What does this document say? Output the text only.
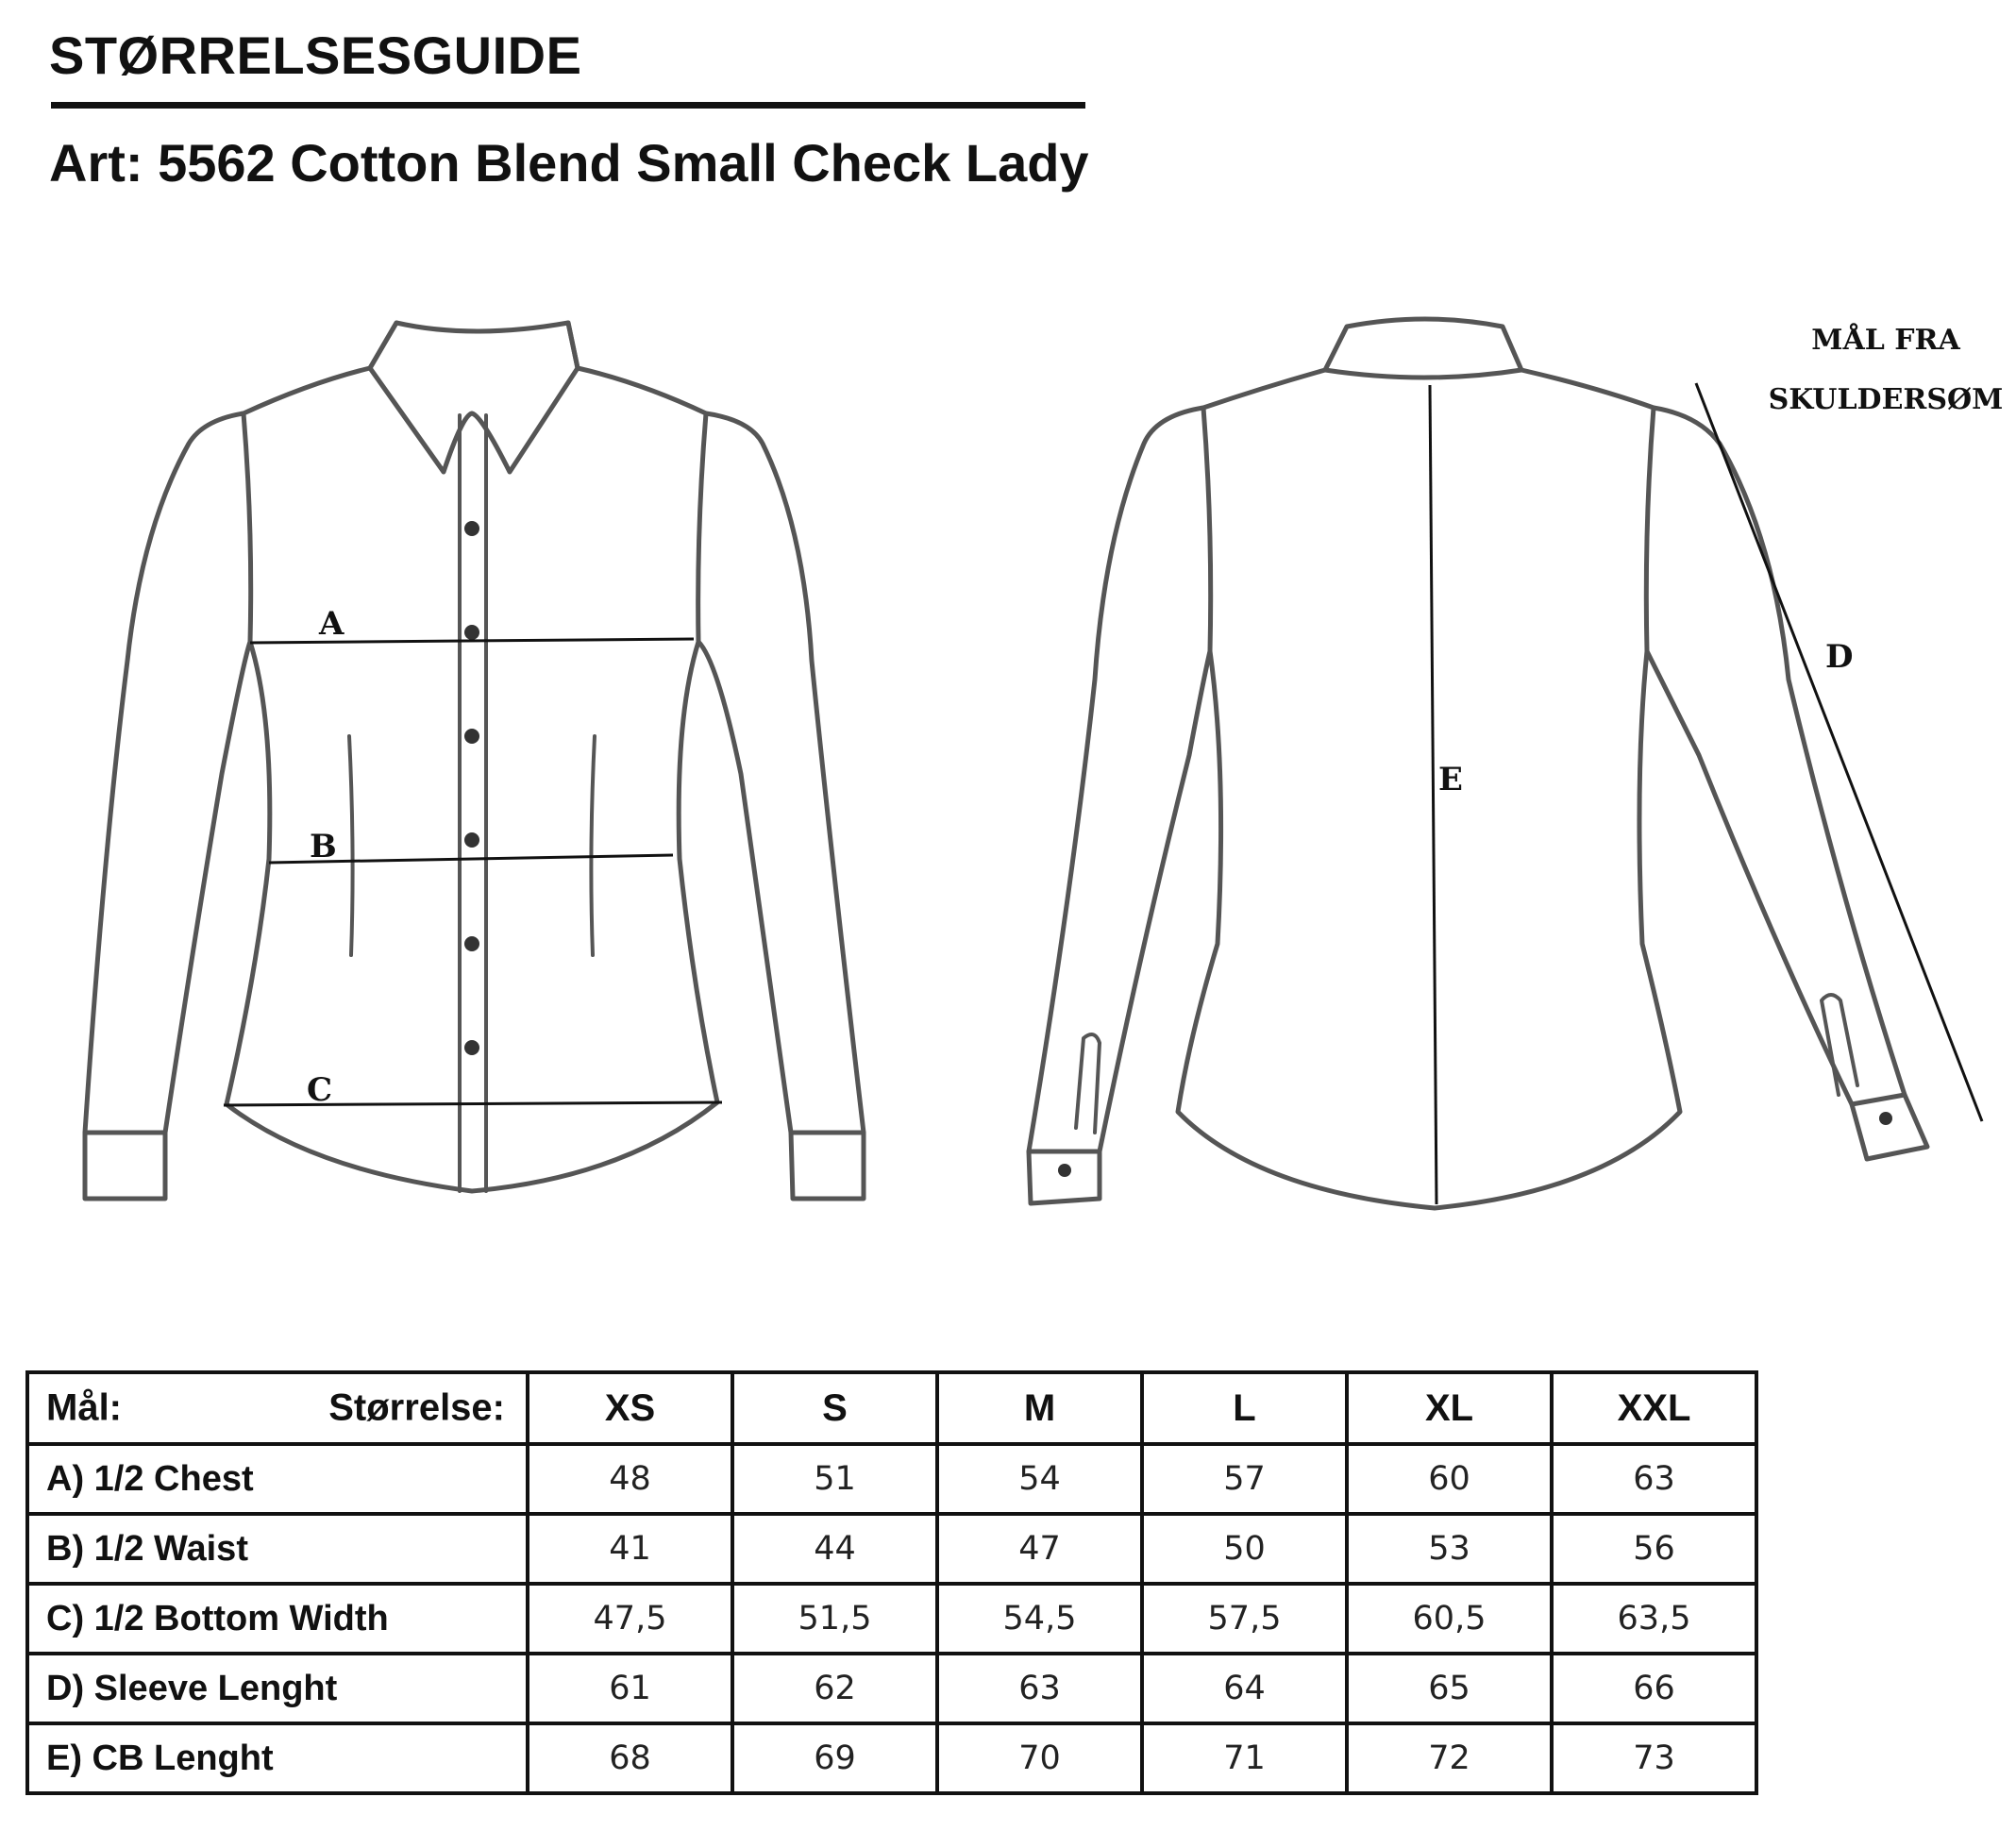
STØRRELSESGUIDE
Art: 5562 Cotton Blend Small Check Lady
A
B
C
E
D
MÅL FRA
SKULDERSØM
Mål: Størrelse:	XS	S	M	L	XL	XXL
A) 1/2 Chest	48	51	54	57	60	63
B) 1/2 Waist	41	44	47	50	53	56
C) 1/2 Bottom Width	47,5	51,5	54,5	57,5	60,5	63,5
D) Sleeve Lenght	61	62	63	64	65	66
E) CB Lenght	68	69	70	71	72	73
